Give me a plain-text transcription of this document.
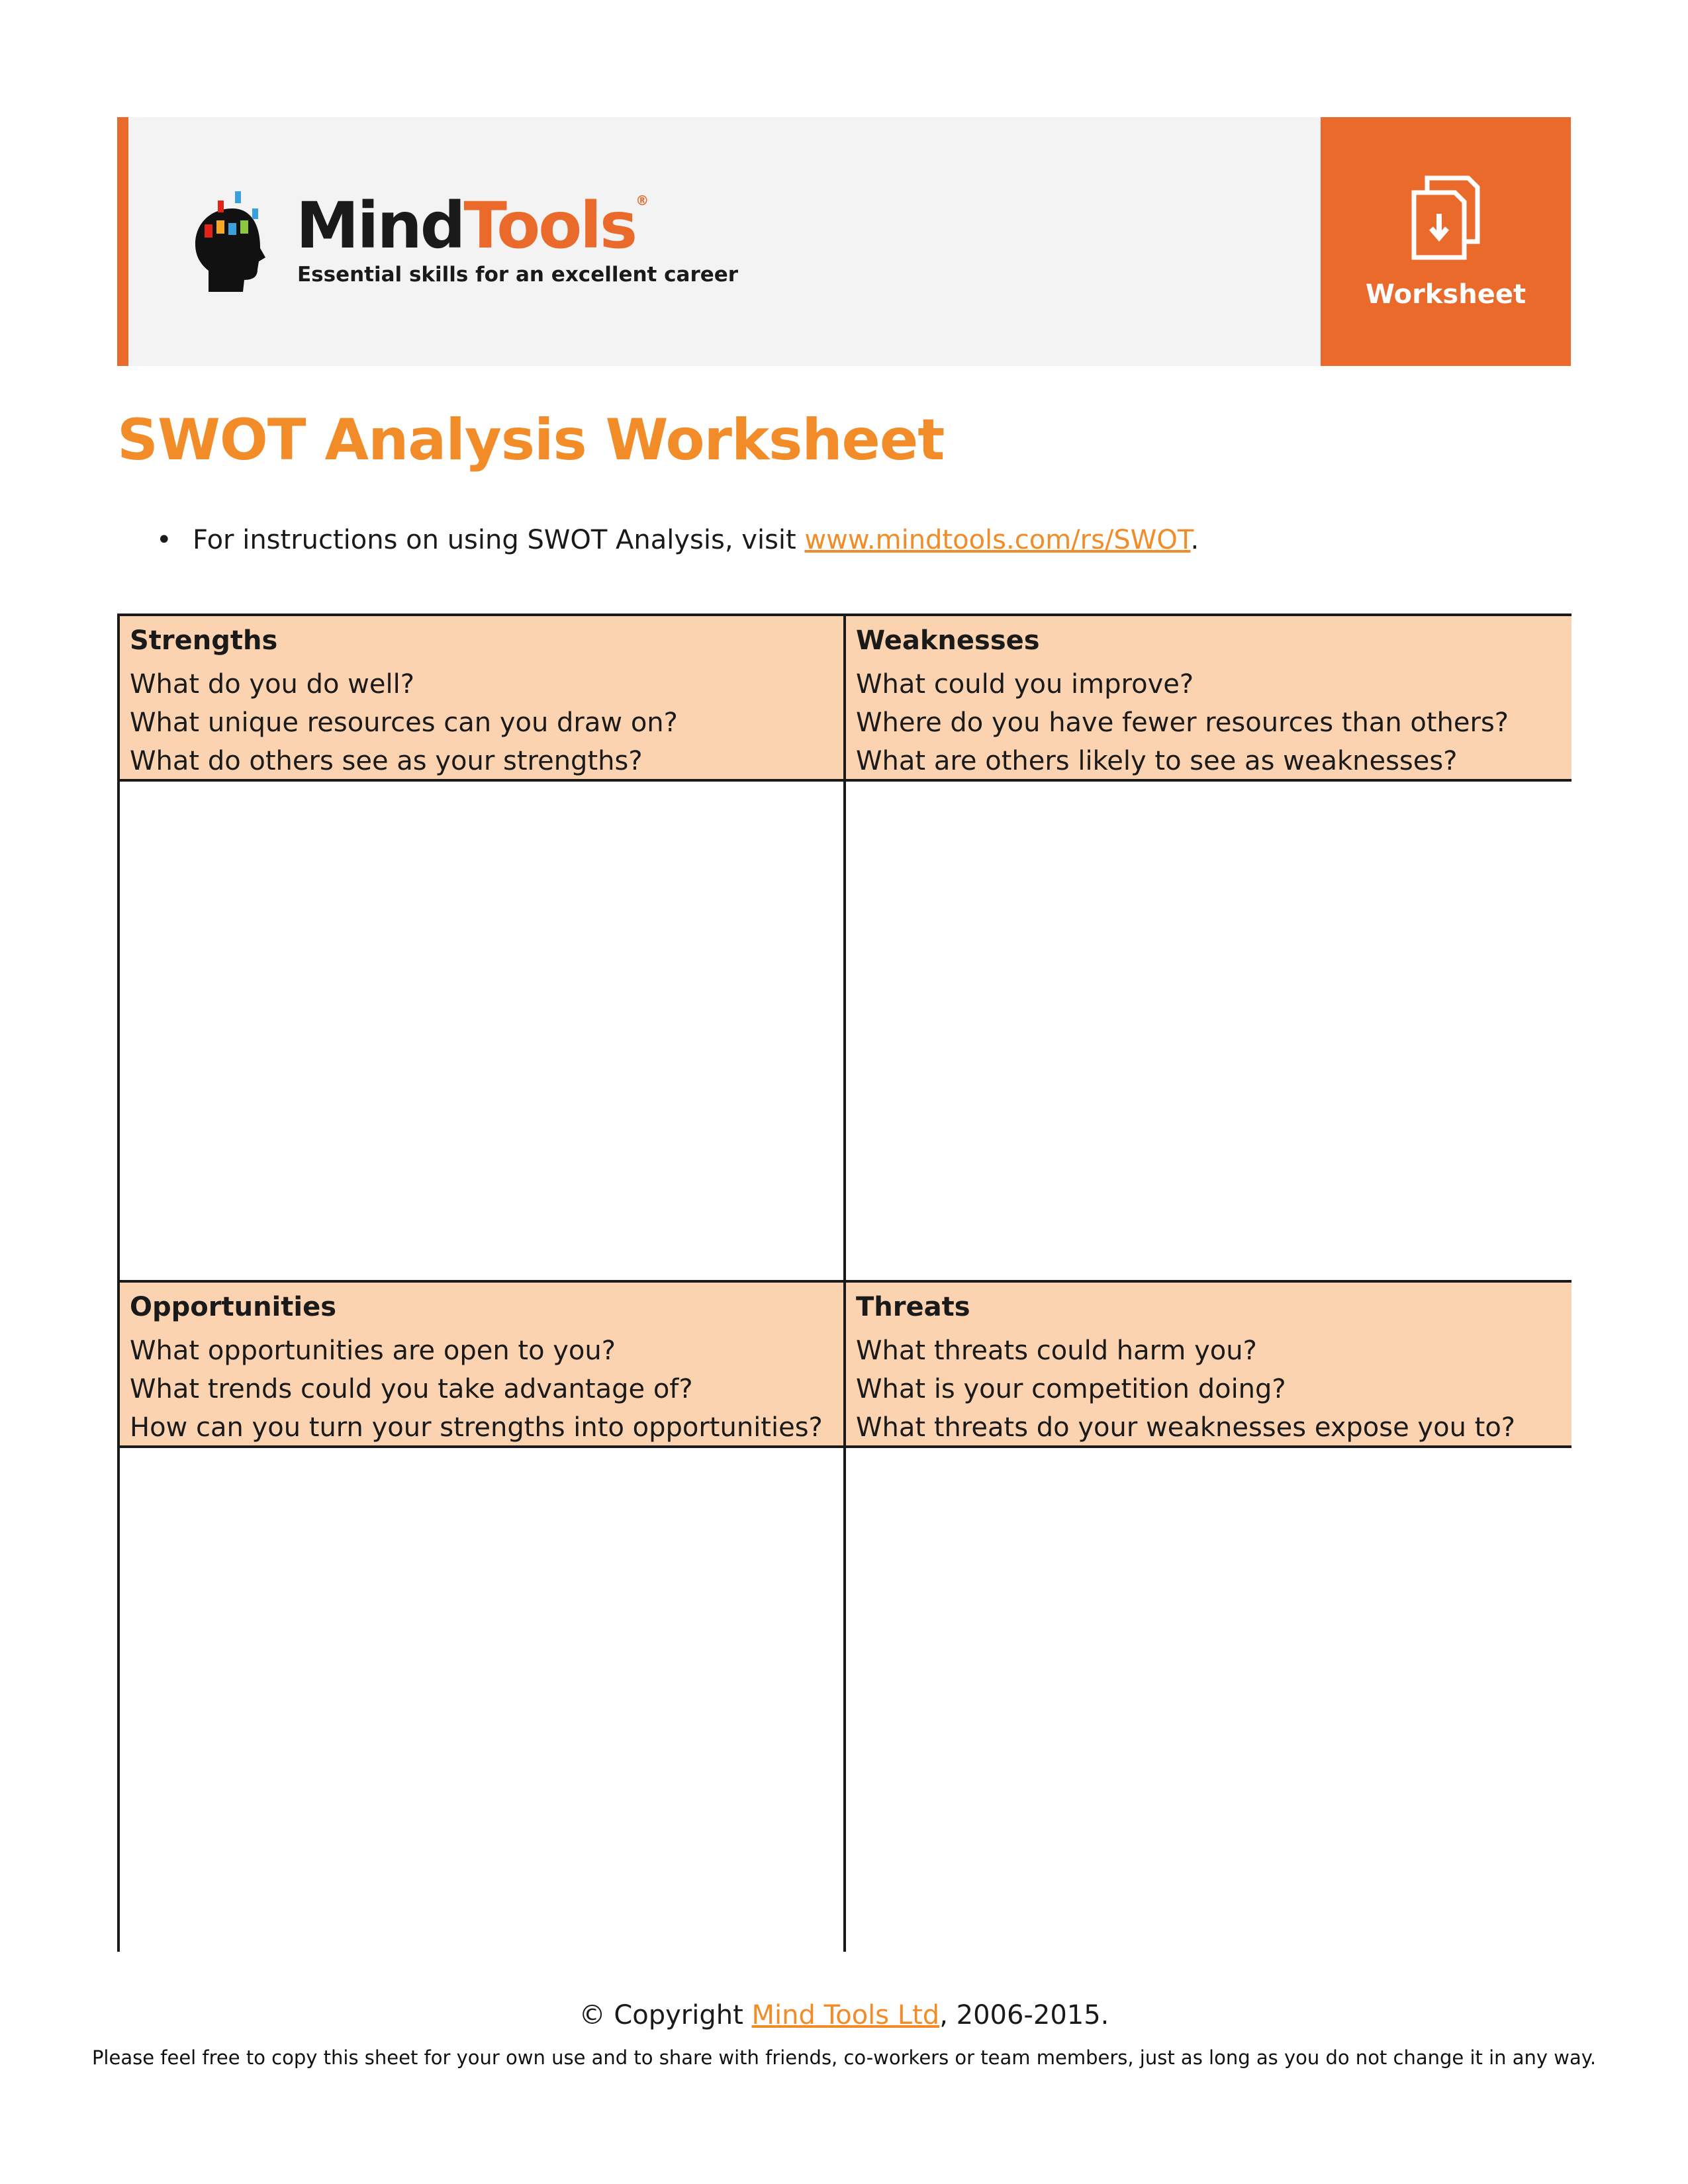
MindTools®
Essential skills for an excellent career
Worksheet
SWOT Analysis Worksheet
• For instructions on using SWOT Analysis, visit www.mindtools.com/rs/SWOT.
Strengths
What do you do well?
What unique resources can you draw on?
What do others see as your strengths?
Weaknesses
What could you improve?
Where do you have fewer resources than others?
What are others likely to see as weaknesses?
Opportunities
What opportunities are open to you?
What trends could you take advantage of?
How can you turn your strengths into opportunities?
Threats
What threats could harm you?
What is your competition doing?
What threats do your weaknesses expose you to?
© Copyright Mind Tools Ltd, 2006-2015.
Please feel free to copy this sheet for your own use and to share with friends, co-workers or team members, just as long as you do not change it in any way.
